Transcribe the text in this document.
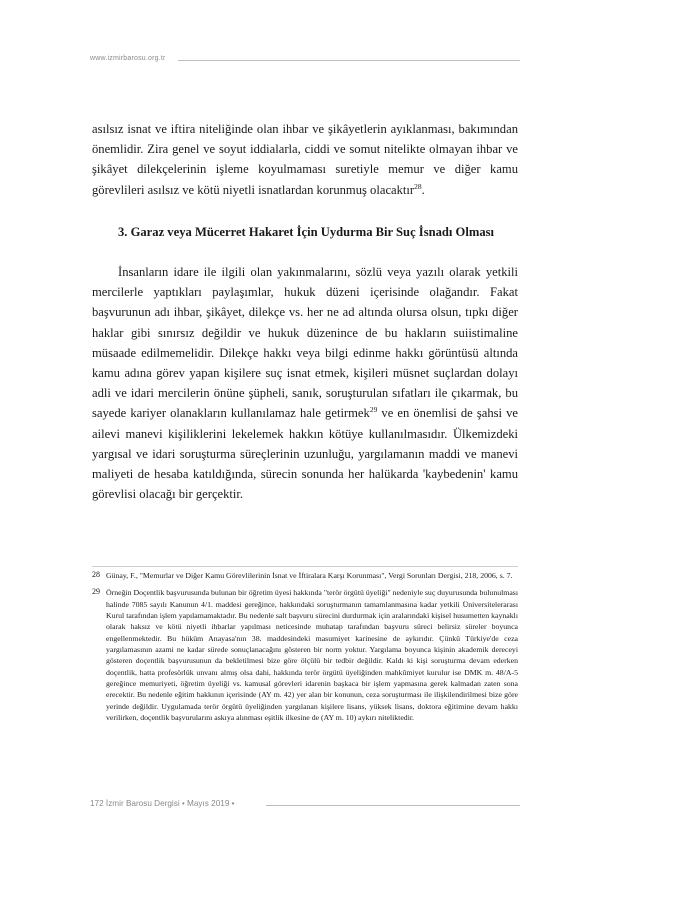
www.izmirbarosu.org.tr

asılsız isnat ve iftira niteliğinde olan ihbar ve şikâyetlerin ayıklanması, bakımından önemlidir. Zira genel ve soyut iddialarla, ciddi ve somut nitelikte olmayan ihbar ve şikâyet dilekçelerinin işleme koyulmaması suretiyle memur ve diğer kamu görevlileri asılsız ve kötü niyetli isnatlardan korunmuş olacaktır$^{28}$.

3. Garaz veya Mücerret Hakaret İçin Uydurma Bir Suç İsnadı Olması

İnsanların idare ile ilgili olan yakınmalarını, sözlü veya yazılı olarak yetkili mercilerle yaptıkları paylaşımlar, hukuk düzeni içerisinde olağandır. Fakat başvurunun adı ihbar, şikâyet, dilekçe vs. her ne ad altında olursa olsun, tıpkı diğer haklar gibi sınırsız değildir ve hukuk düzenince de bu hakların suiistimaline müsaade edilmemelidir. Dilekçe hakkı veya bilgi edinme hakkı görüntüsü altında kamu adına görev yapan kişilere suç isnat etmek, kişileri müsnet suçlardan dolayı adli ve idari mercilerin önüne şüpheli, sanık, soruşturulan sıfatları ile çıkarmak, bu sayede kariyer olanakların kullanılamaz hale getirmek$^{29}$ ve en önemlisi de şahsi ve ailevi manevi kişiliklerini lekelemek hakkın kötüye kullanılmasıdır. Ülkemizdeki yargısal ve idari soruşturma süreçlerinin uzunluğu, yargılamanın maddi ve manevi maliyeti de hesaba katıldığında, sürecin sonunda her halükarda 'kaybedenin' kamu görevlisi olacağı bir gerçektir.

28 Günay, F., "Memurlar ve Diğer Kamu Görevlilerinin İsnat ve İftiralara Karşı Korunması", Vergi Sorunları Dergisi, 218, 2006, s. 7.

29 Örneğin Doçentlik başvurusunda bulunan bir öğretim üyesi hakkında "terör örgütü üyeliği" nedeniyle suç duyurusunda bulunulması halinde 7085 sayılı Kanunun 4/1. maddesi gereğince, hakkındaki soruşturmanın tamamlanmasına kadar yetkili Üniversitelerarası Kurul tarafından işlem yapılamamaktadır. Bu nedenle salt başvuru sürecini durdurmak için aralarındaki kişisel husumetten kaynaklı olarak haksız ve kötü niyetli ihbarlar yapılması neticesinde muhatap tarafından başvuru süreci belirsiz süreler boyunca engellenmektedir. Bu hüküm Anayasa'nın 38. maddesindeki masumiyet karinesine de aykırıdır. Çünkü Türkiye'de ceza yargılamasının azami ne kadar sürede sonuçlanacağını gösteren bir norm yoktur. Yargılama boyunca kişinin akademik dereceyi gösteren doçentlik başvurusunun da bekletilmesi bize göre ölçülü bir tedbir değildir. Kaldı ki kişi soruşturma devam ederken doçentlik, hatta profesörlük unvanı almış olsa dahi, hakkında terör örgütü üyeliğinden mahkûmiyet kurulur ise DMK m. 48/A-5 gereğince memuriyeti, öğretim üyeliği vs. kamusal görevleri idarenin başkaca bir işlem yapmasına gerek kalmadan zaten sona erecektir. Bu nedenle eğitim hakkının içerisinde (AY m. 42) yer alan bir konunun, ceza soruşturması ile ilişkilendirilmesi bize göre yerinde değildir. Uygulamada terör örgütü üyeliğinden yargılanan kişilere lisans, yüksek lisans, doktora eğitimine devam hakkı verilirken, doçentlik başvurularını askıya alınması eşitlik ilkesine de (AY m. 10) aykırı niteliktedir.

172 İzmir Barosu Dergisi • Mayıs 2019 •
